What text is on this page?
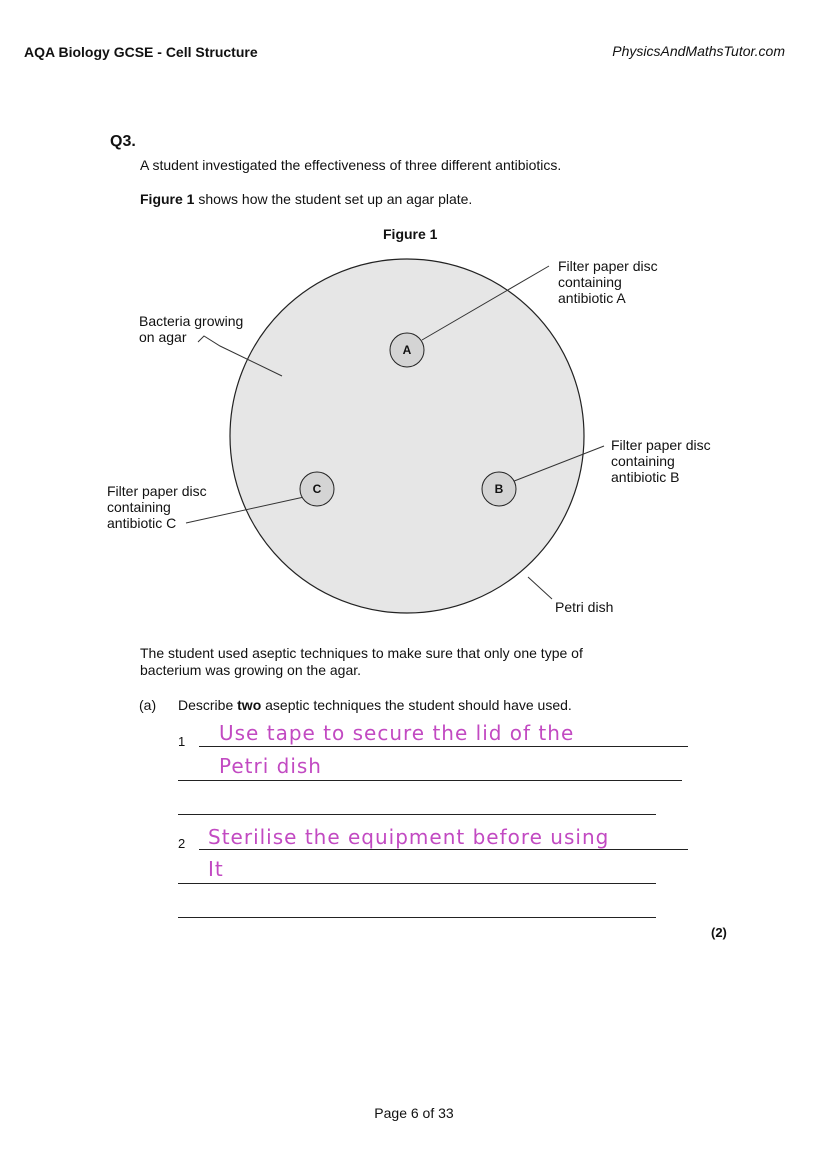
AQA Biology GCSE - Cell Structure	PhysicsAndMathsTutor.com
Q3.
A student investigated the effectiveness of three different antibiotics.
Figure 1 shows how the student set up an agar plate.
Figure 1
A
B
C
Filter paper disc
containing
antibiotic A
Filter paper disc
containing
antibiotic B
Filter paper disc
containing
antibiotic C
Bacteria growing
on agar
Petri dish
The student used aseptic techniques to make sure that only one type of
bacterium was growing on the agar.
(a) Describe two aseptic techniques the student should have used.
1 Use tape to secure the lid of the
Petri dish
2 Sterilise the equipment before using
It
(2)
Page 6 of 33
